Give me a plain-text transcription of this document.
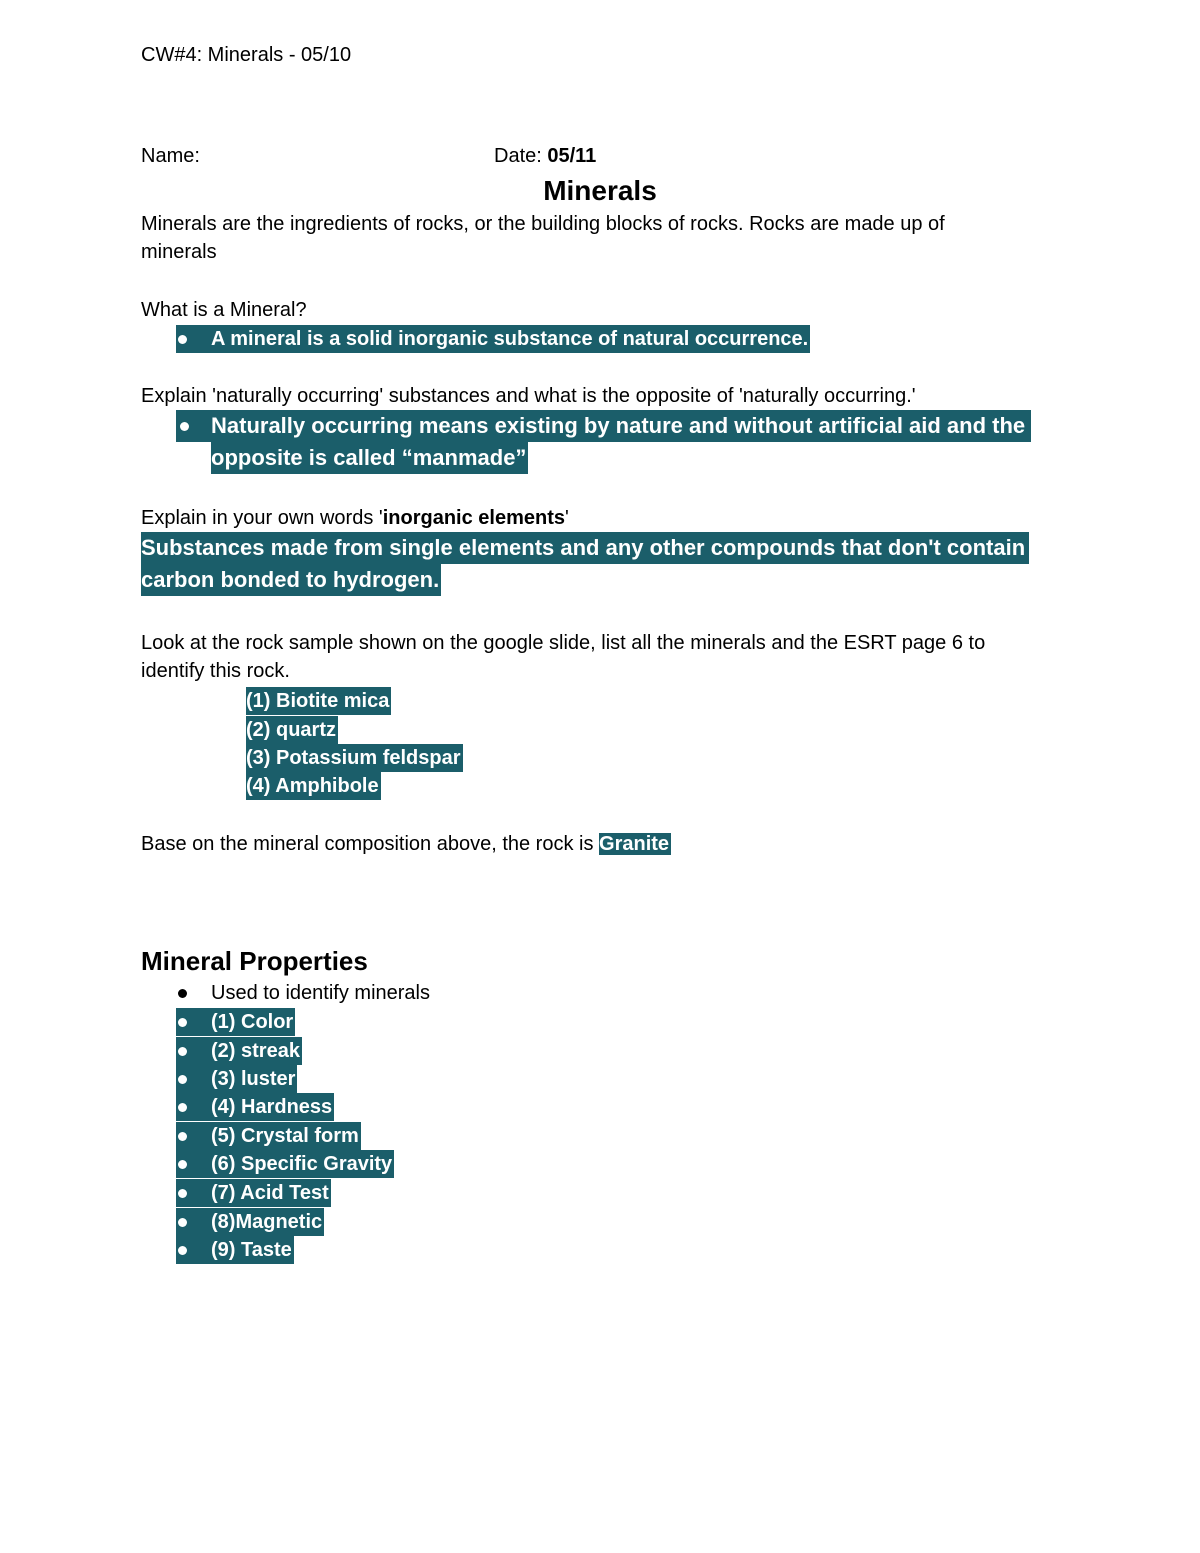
CW#4: Minerals - 05/10
Name:	Date: 05/11
Minerals
Minerals are the ingredients of rocks, or the building blocks of rocks. Rocks are made up of
minerals
What is a Mineral?
A mineral is a solid inorganic substance of natural occurrence.
Explain 'naturally occurring' substances and what is the opposite of 'naturally occurring.'
Naturally occurring means existing by nature and without artificial aid and the
opposite is called “manmade”
Explain in your own words 'inorganic elements'
Substances made from single elements and any other compounds that don't contain
carbon bonded to hydrogen.
Look at the rock sample shown on the google slide, list all the minerals and the ESRT page 6 to
identify this rock.
(1) Biotite mica
(2) quartz
(3) Potassium feldspar
(4) Amphibole
Base on the mineral composition above, the rock is Granite
Mineral Properties
Used to identify minerals
(1) Color
(2) streak
(3) luster
(4) Hardness
(5) Crystal form
(6) Specific Gravity
(7) Acid Test
(8)Magnetic
(9) Taste
